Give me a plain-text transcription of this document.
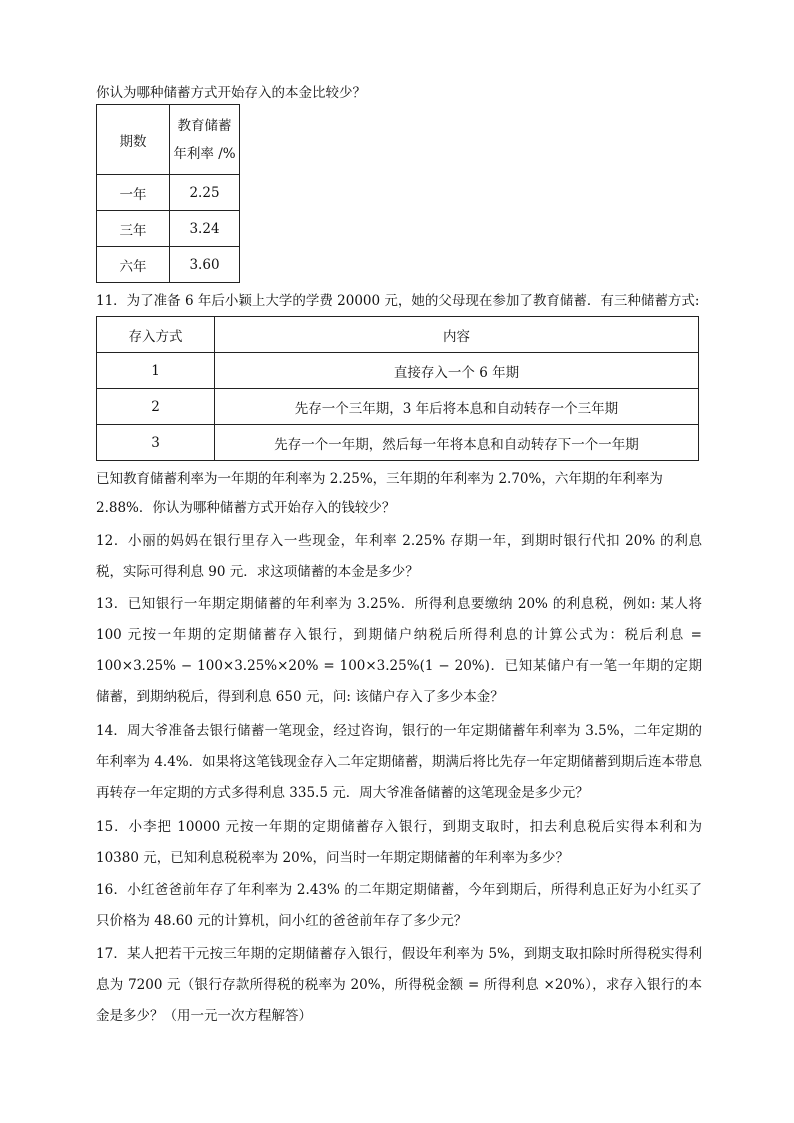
你认为哪种储蓄方式开始存入的本金比较少？
期数	教育储蓄
年利率 /%

一年	2.25
三年	3.24
六年	3.60
11．为了准备 6 年后小颖上大学的学费 20000 元，她的父母现在参加了教育储蓄．有三种储蓄方式:
存入方式	内容
1	直接存入一个 6 年期
2	先存一个三年期，3 年后将本息和自动转存一个三年期
3	先存一个一年期，然后每一年将本息和自动转存下一个一年期
已知教育储蓄利率为一年期的年利率为 2.25%，三年期的年利率为 2.70%，六年期的年利率为
2.88%．你认为哪种储蓄方式开始存入的钱较少？
12．小丽的妈妈在银行里存入一些现金，年利率 2.25% 存期一年，到期时银行代扣 20% 的利息税，实际可得利息 90 元．求这项储蓄的本金是多少？
13．已知银行一年期定期储蓄的年利率为 3.25%．所得利息要缴纳 20% 的利息税，例如: 某人将 100 元按一年期的定期储蓄存入银行，到期储户纳税后所得利息的计算公式为：税后利息 = 100×3.25% − 100×3.25%×20% = 100×3.25%(1 − 20%)．已知某储户有一笔一年期的定期储蓄，到期纳税后，得到利息 650 元，问: 该储户存入了多少本金？
14．周大爷准备去银行储蓄一笔现金，经过咨询，银行的一年定期储蓄年利率为 3.5%，二年定期的年利率为 4.4%．如果将这笔钱现金存入二年定期储蓄，期满后将比先存一年定期储蓄到期后连本带息再转存一年定期的方式多得利息 335.5 元．周大爷准备储蓄的这笔现金是多少元？
15．小李把 10000 元按一年期的定期储蓄存入银行，到期支取时，扣去利息税后实得本利和为 10380 元，已知利息税税率为 20%，问当时一年期定期储蓄的年利率为多少？
16．小红爸爸前年存了年利率为 2.43% 的二年期定期储蓄，今年到期后，所得利息正好为小红买了只价格为 48.60 元的计算机，问小红的爸爸前年存了多少元？
17．某人把若干元按三年期的定期储蓄存入银行，假设年利率为 5%，到期支取扣除时所得税实得利息为 7200 元（银行存款所得税的税率为 20%，所得税金额 = 所得利息 ×20%），求存入银行的本金是多少？（用一元一次方程解答）
